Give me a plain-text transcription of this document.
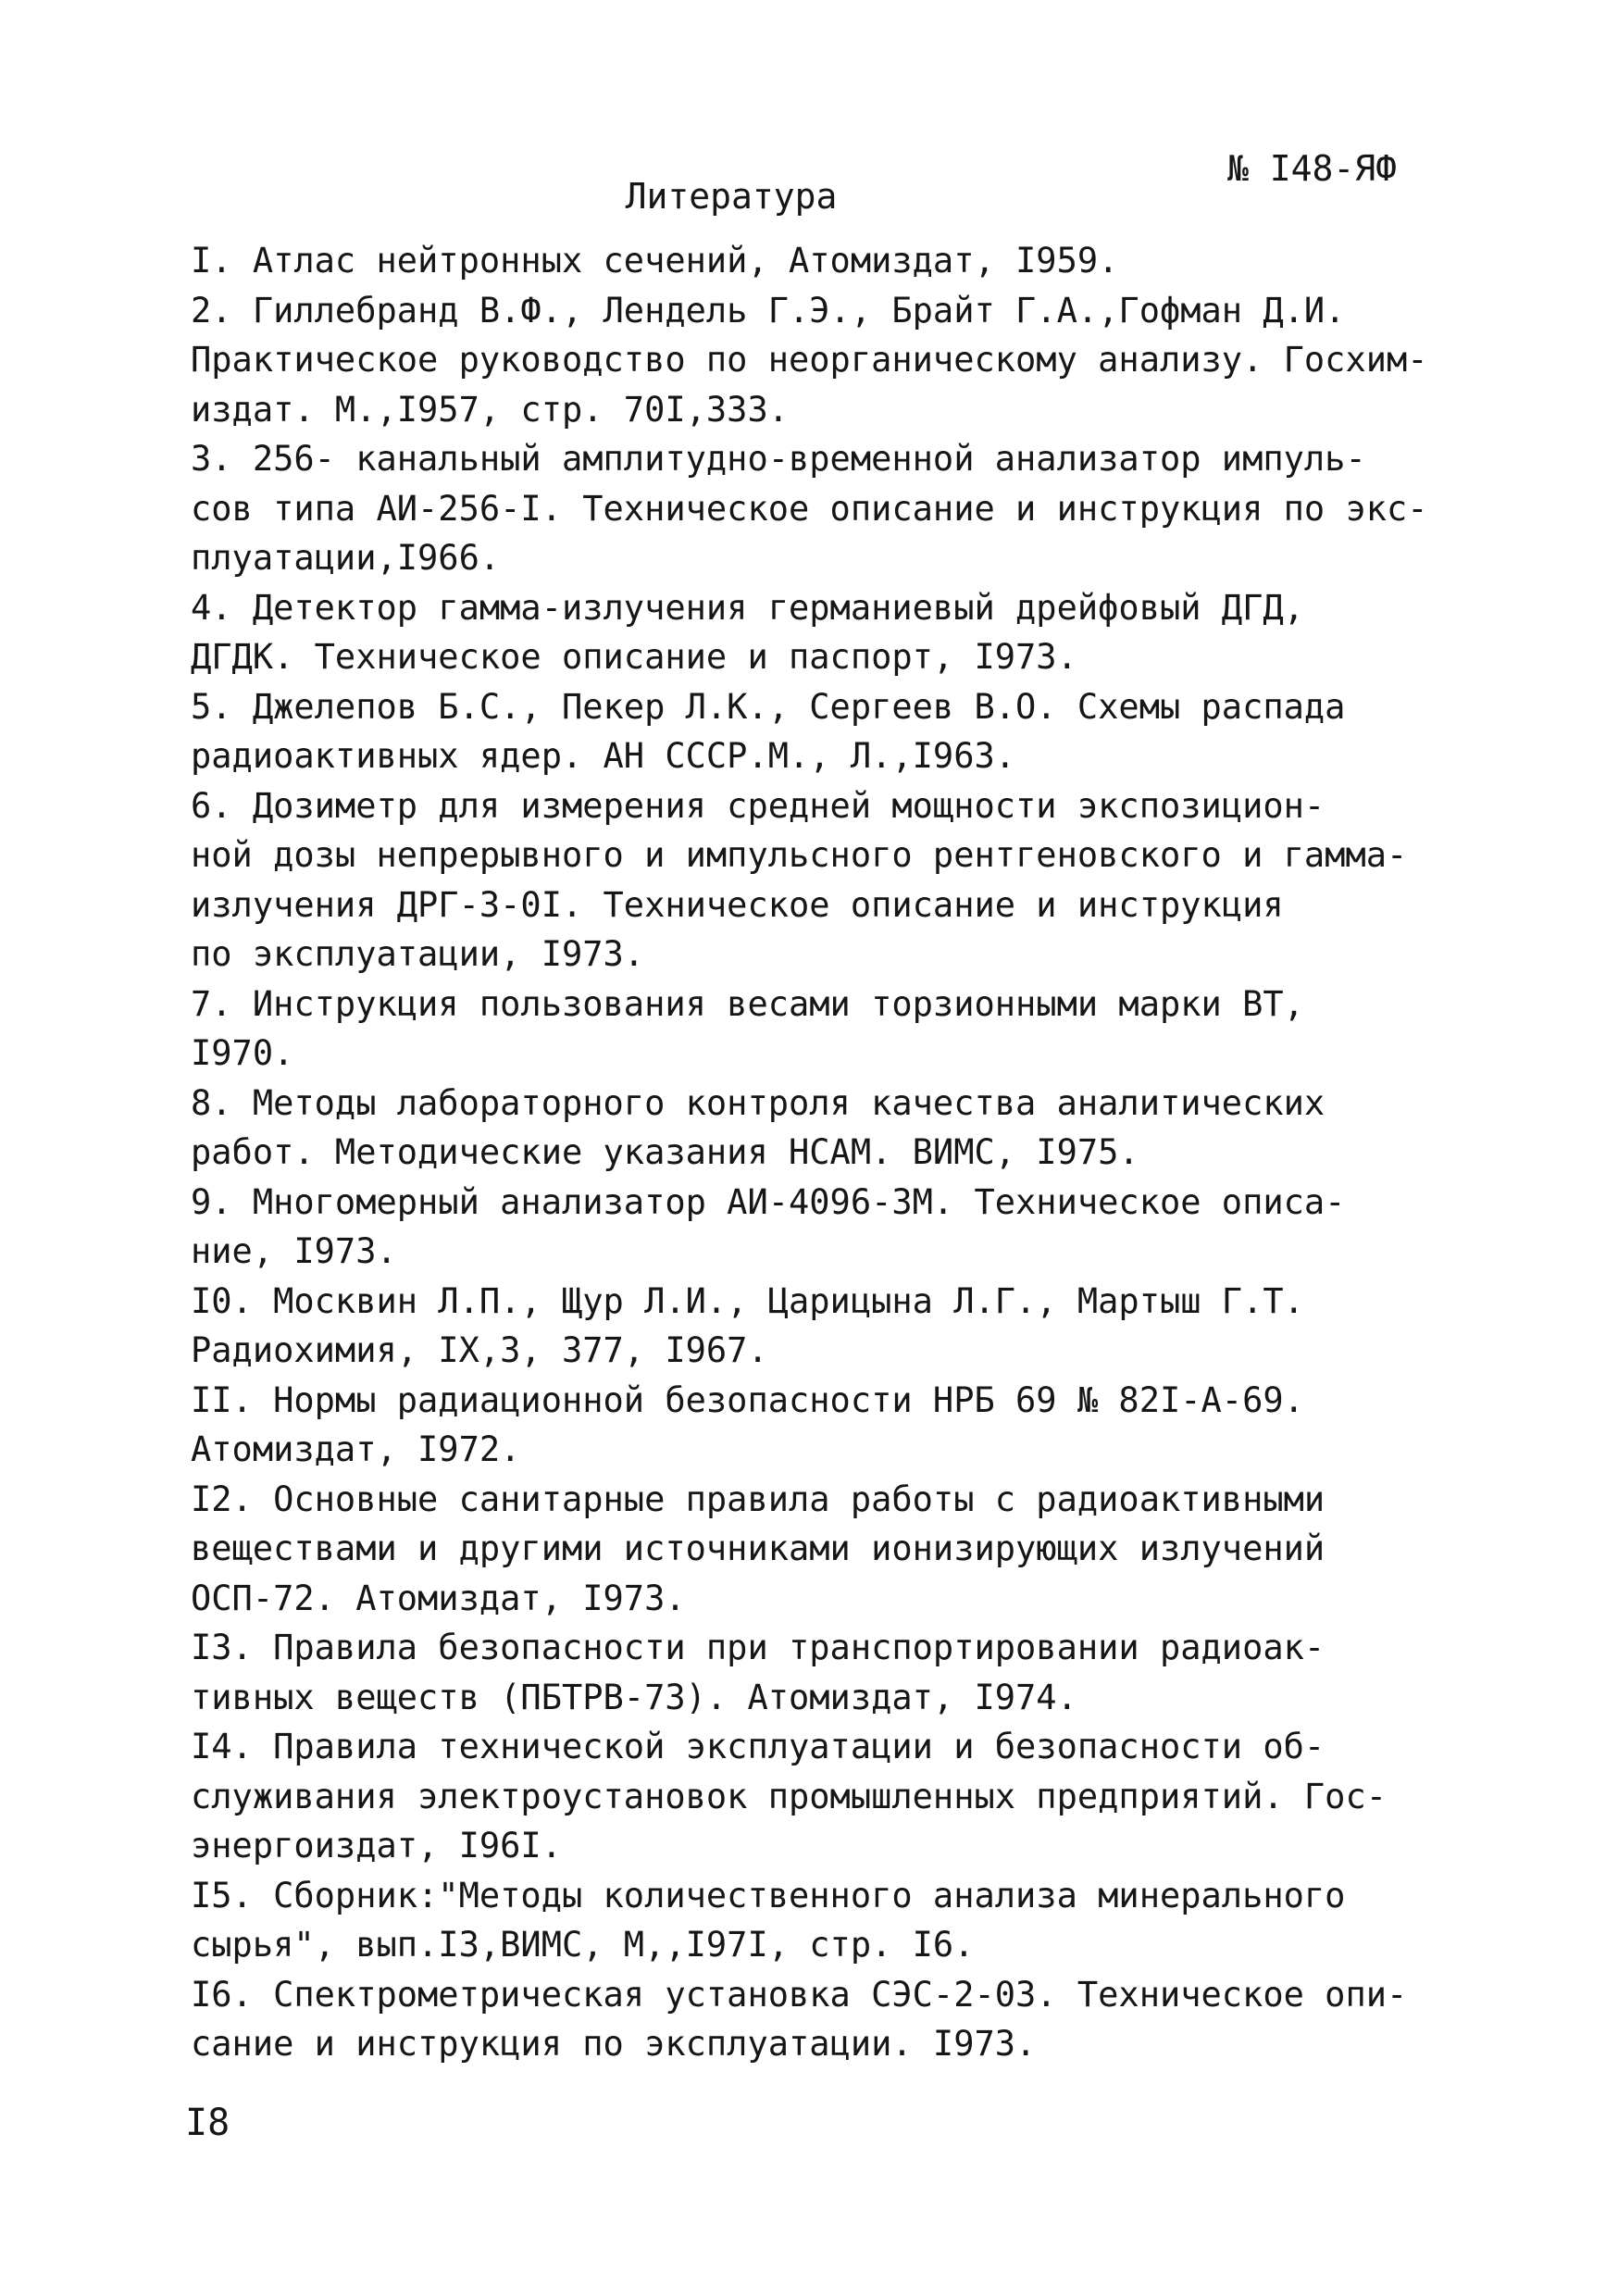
№ I48-ЯФ
Литература

I. Атлас нейтронных сечений, Атомиздат, I959.

2. Гиллебранд В.Ф., Лендель Г.Э., Брайт Г.А.,Гофман Д.И.
Практическое руководство по неорганическому анализу. Госхим-
издат. М.,I957, стр. 70I,333.

3. 256- канальный амплитудно-временной анализатор импуль-
сов типа АИ-256-I. Техническое описание и инструкция по экс-
плуатации,I966.

4. Детектор гамма-излучения германиевый дрейфовый ДГД,
ДГДК. Техническое описание и паспорт, I973.

5. Джелепов Б.С., Пекер Л.К., Сергеев В.О. Схемы распада
радиоактивных ядер. АН СССР.М., Л.,I963.

6. Дозиметр для измерения средней мощности экспозицион-
ной дозы непрерывного и импульсного рентгеновского и гамма-
излучения ДРГ-3-0I. Техническое описание и инструкция
по эксплуатации, I973.

7. Инструкция пользования весами торзионными марки ВТ,
I970.

8. Методы лабораторного контроля качества аналитических
работ. Методические указания НСАМ. ВИМС, I975.

9. Многомерный анализатор АИ-4096-3М. Техническое описа-
ние, I973.

I0. Москвин Л.П., Щур Л.И., Царицына Л.Г., Мартыш Г.Т.
Радиохимия, IX,3, 377, I967.

II. Нормы радиационной безопасности НРБ 69 № 82I-А-69.
Атомиздат, I972.

I2. Основные санитарные правила работы с радиоактивными
веществами и другими источниками ионизирующих излучений
ОСП-72. Атомиздат, I973.

I3. Правила безопасности при транспортировании радиоак-
тивных веществ (ПБТРВ-73). Атомиздат, I974.

I4. Правила технической эксплуатации и безопасности об-
служивания электроустановок промышленных предприятий. Гос-
энергоиздат, I96I.

I5. Сборник:"Методы количественного анализа минерального
сырья", вып.I3,ВИМС, М,,I97I, стр. I6.

I6. Спектрометрическая установка СЭС-2-03. Техническое опи-
сание и инструкция по эксплуатации. I973.

I8
